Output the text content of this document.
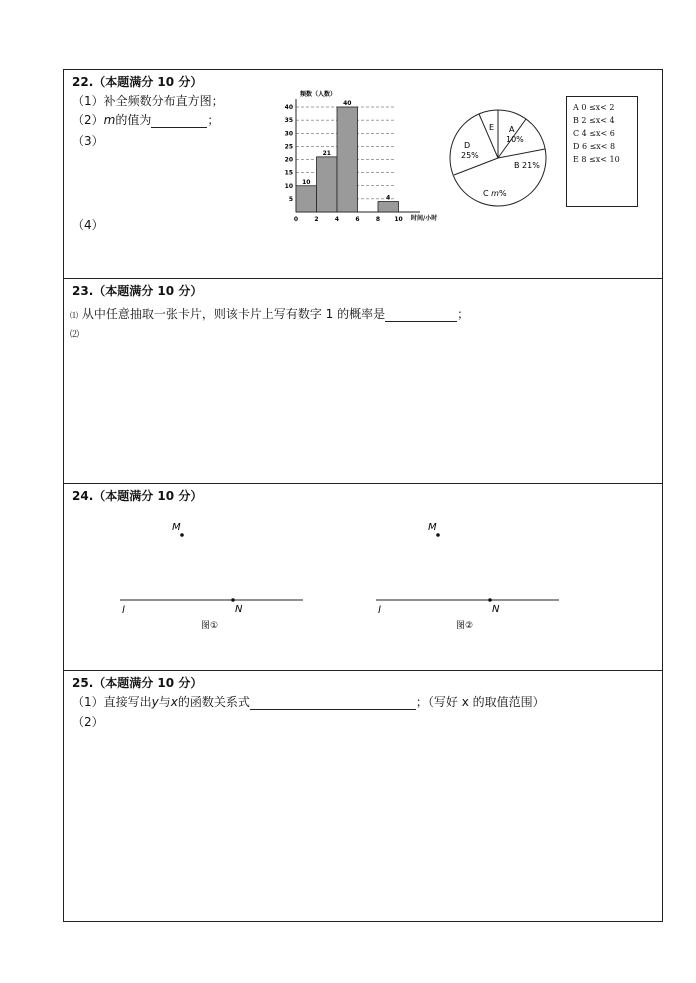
22.（本题满分 10 分）
（1）补全频数分布直方图；
（2）m的值为	；
（3）
（4）
频数（人数）
5
10
15
20
25
30
35
40
0	2	4	6	8 10
10
21
40
4
时间/小时
A
10%
B 21%
C m%
D
25%
E
A 0 ≤x< 2
B 2 ≤x< 4
C 4 ≤x< 6
D 6 ≤x< 8
E 8 ≤x< 10
23.（本题满分 10 分）
⑴ 从中任意抽取一张卡片，则该卡片上写有数字 1 的概率是	；
⑵
24.（本题满分 10 分）
M
N
l
图①
M
N
l
图②
25.（本题满分 10 分）
（1）直接写出y与x的函数关系式	；（写好 x 的取值范围）
（2）
